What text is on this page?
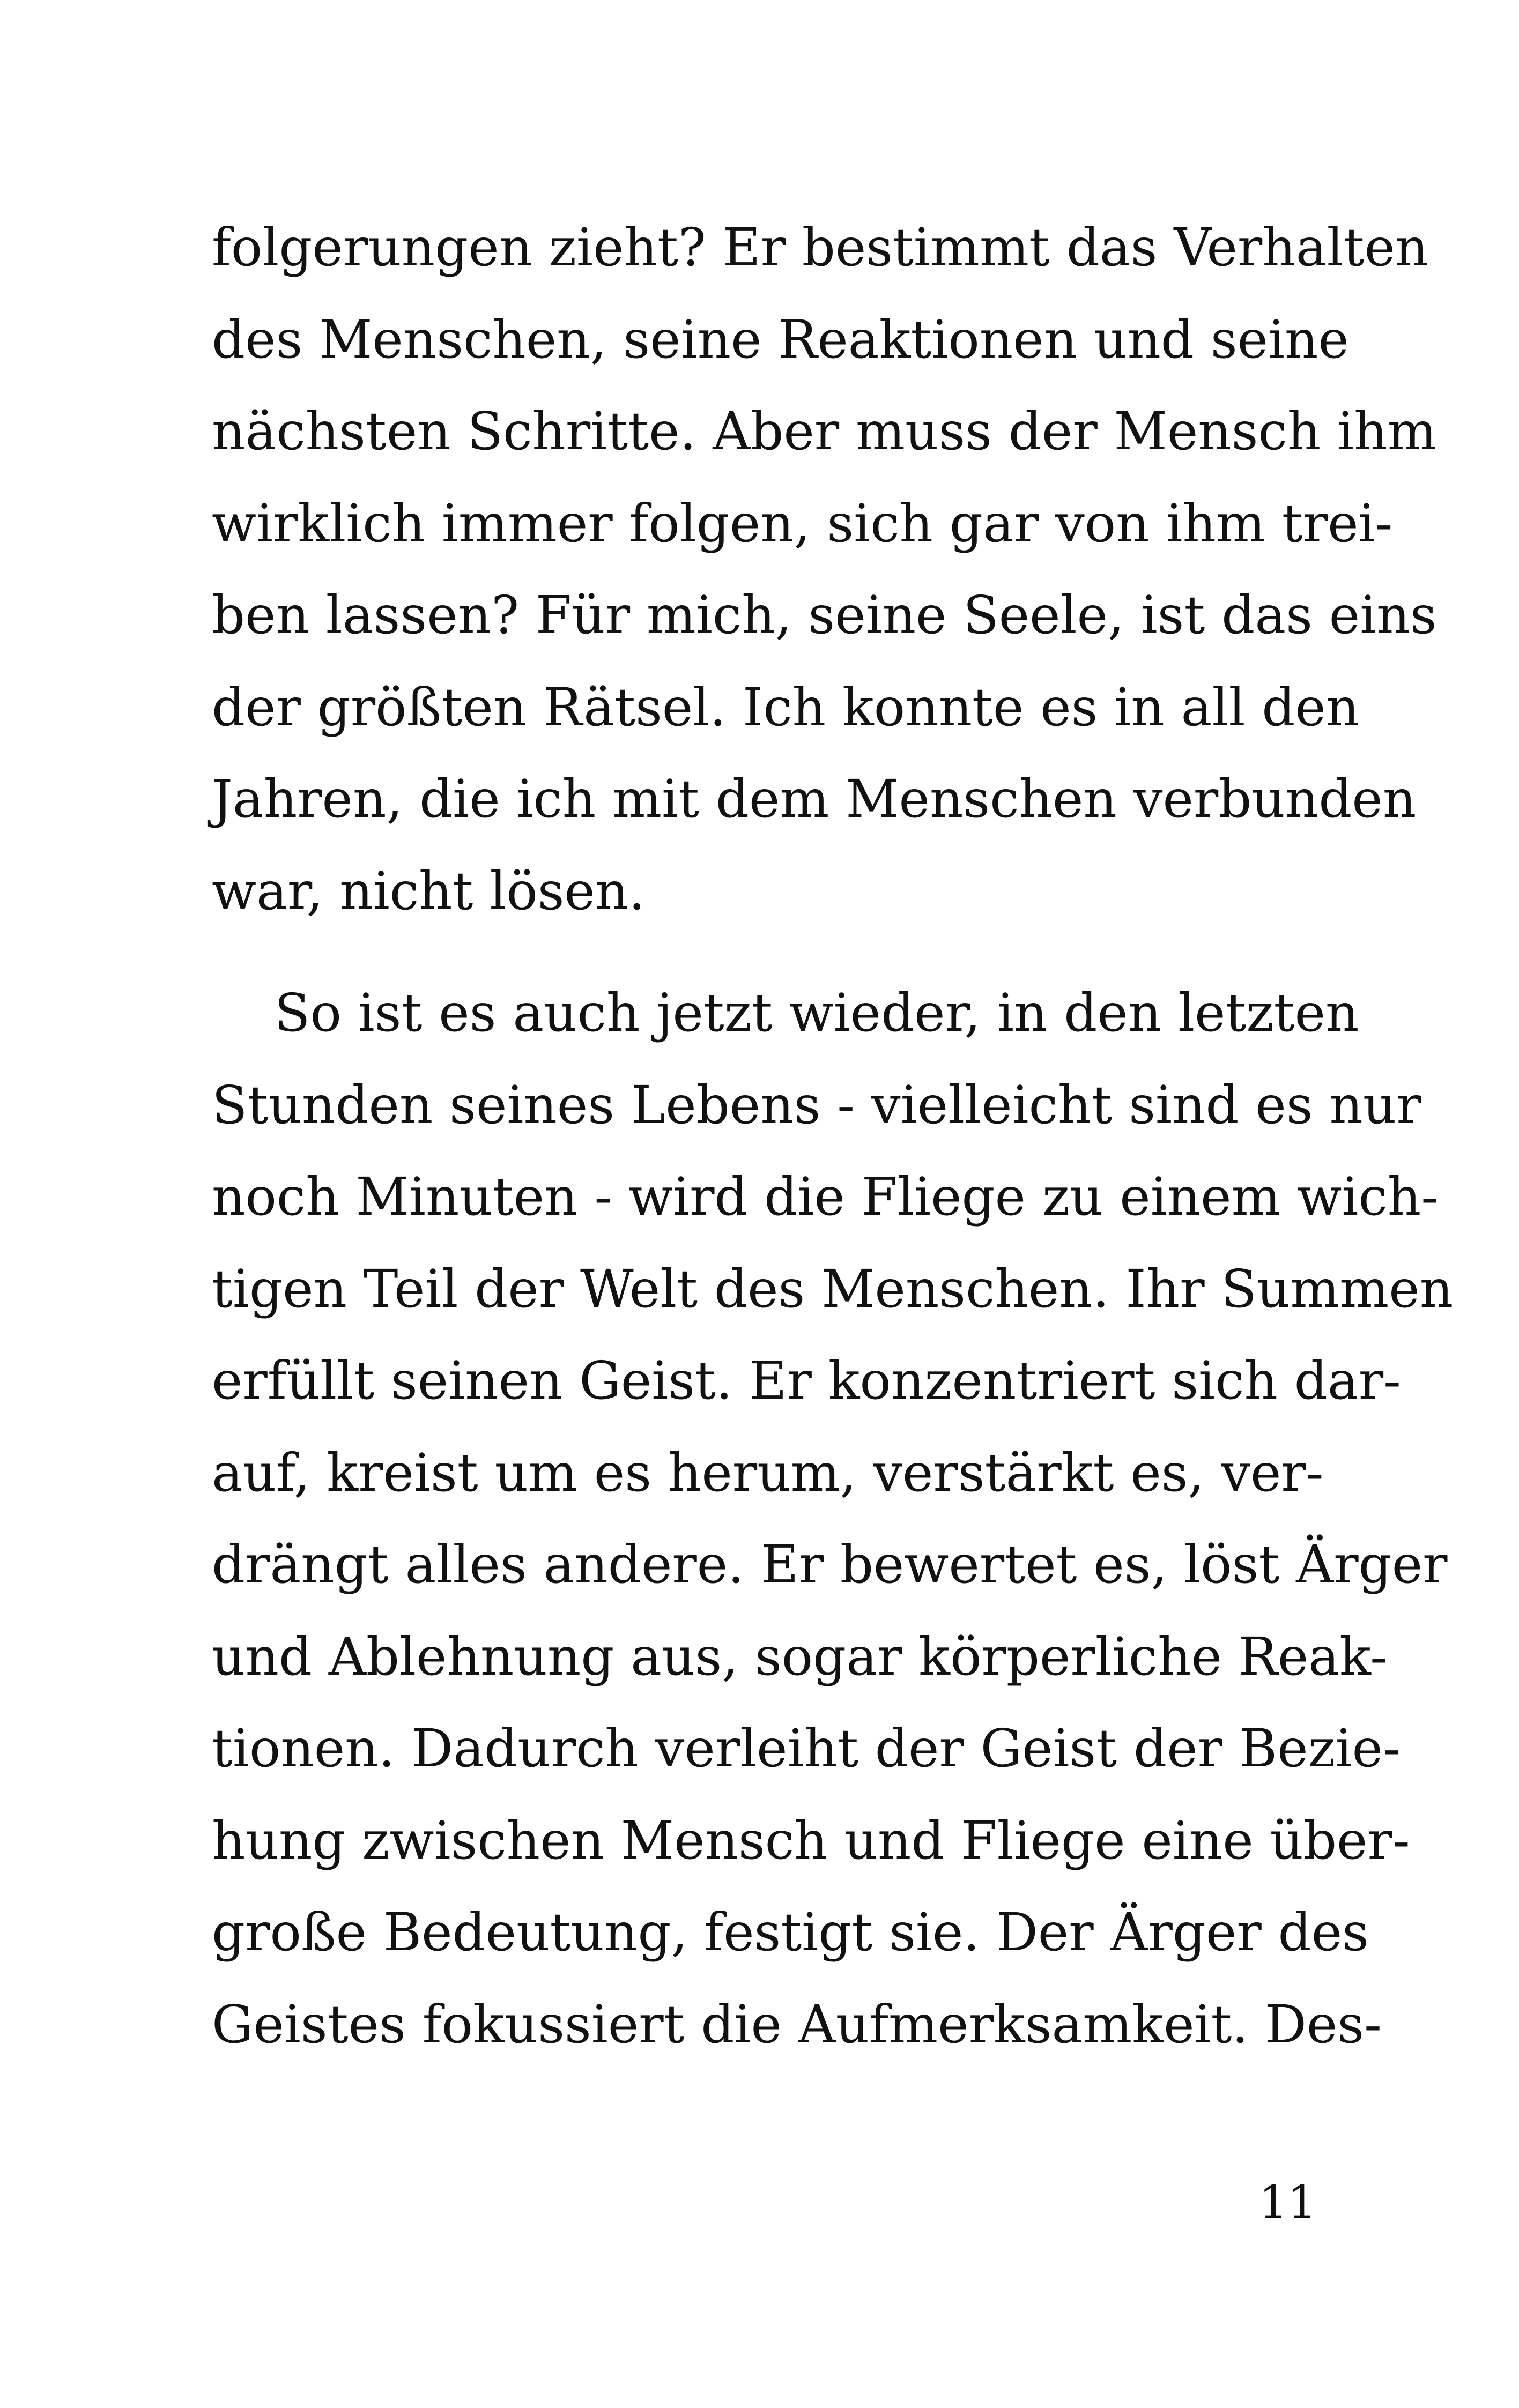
folgerungen zieht? Er bestimmt das Verhalten
des Menschen, seine Reaktionen und seine
nächsten Schritte. Aber muss der Mensch ihm
wirklich immer folgen, sich gar von ihm trei-
ben lassen? Für mich, seine Seele, ist das eins
der größten Rätsel. Ich konnte es in all den
Jahren, die ich mit dem Menschen verbunden
war, nicht lösen.
So ist es auch jetzt wieder, in den letzten
Stunden seines Lebens - vielleicht sind es nur
noch Minuten - wird die Fliege zu einem wich-
tigen Teil der Welt des Menschen. Ihr Summen
erfüllt seinen Geist. Er konzentriert sich dar-
auf, kreist um es herum, verstärkt es, ver-
drängt alles andere. Er bewertet es, löst Ärger
und Ablehnung aus, sogar körperliche Reak-
tionen. Dadurch verleiht der Geist der Bezie-
hung zwischen Mensch und Fliege eine über-
große Bedeutung, festigt sie. Der Ärger des
Geistes fokussiert die Aufmerksamkeit. Des-
11
